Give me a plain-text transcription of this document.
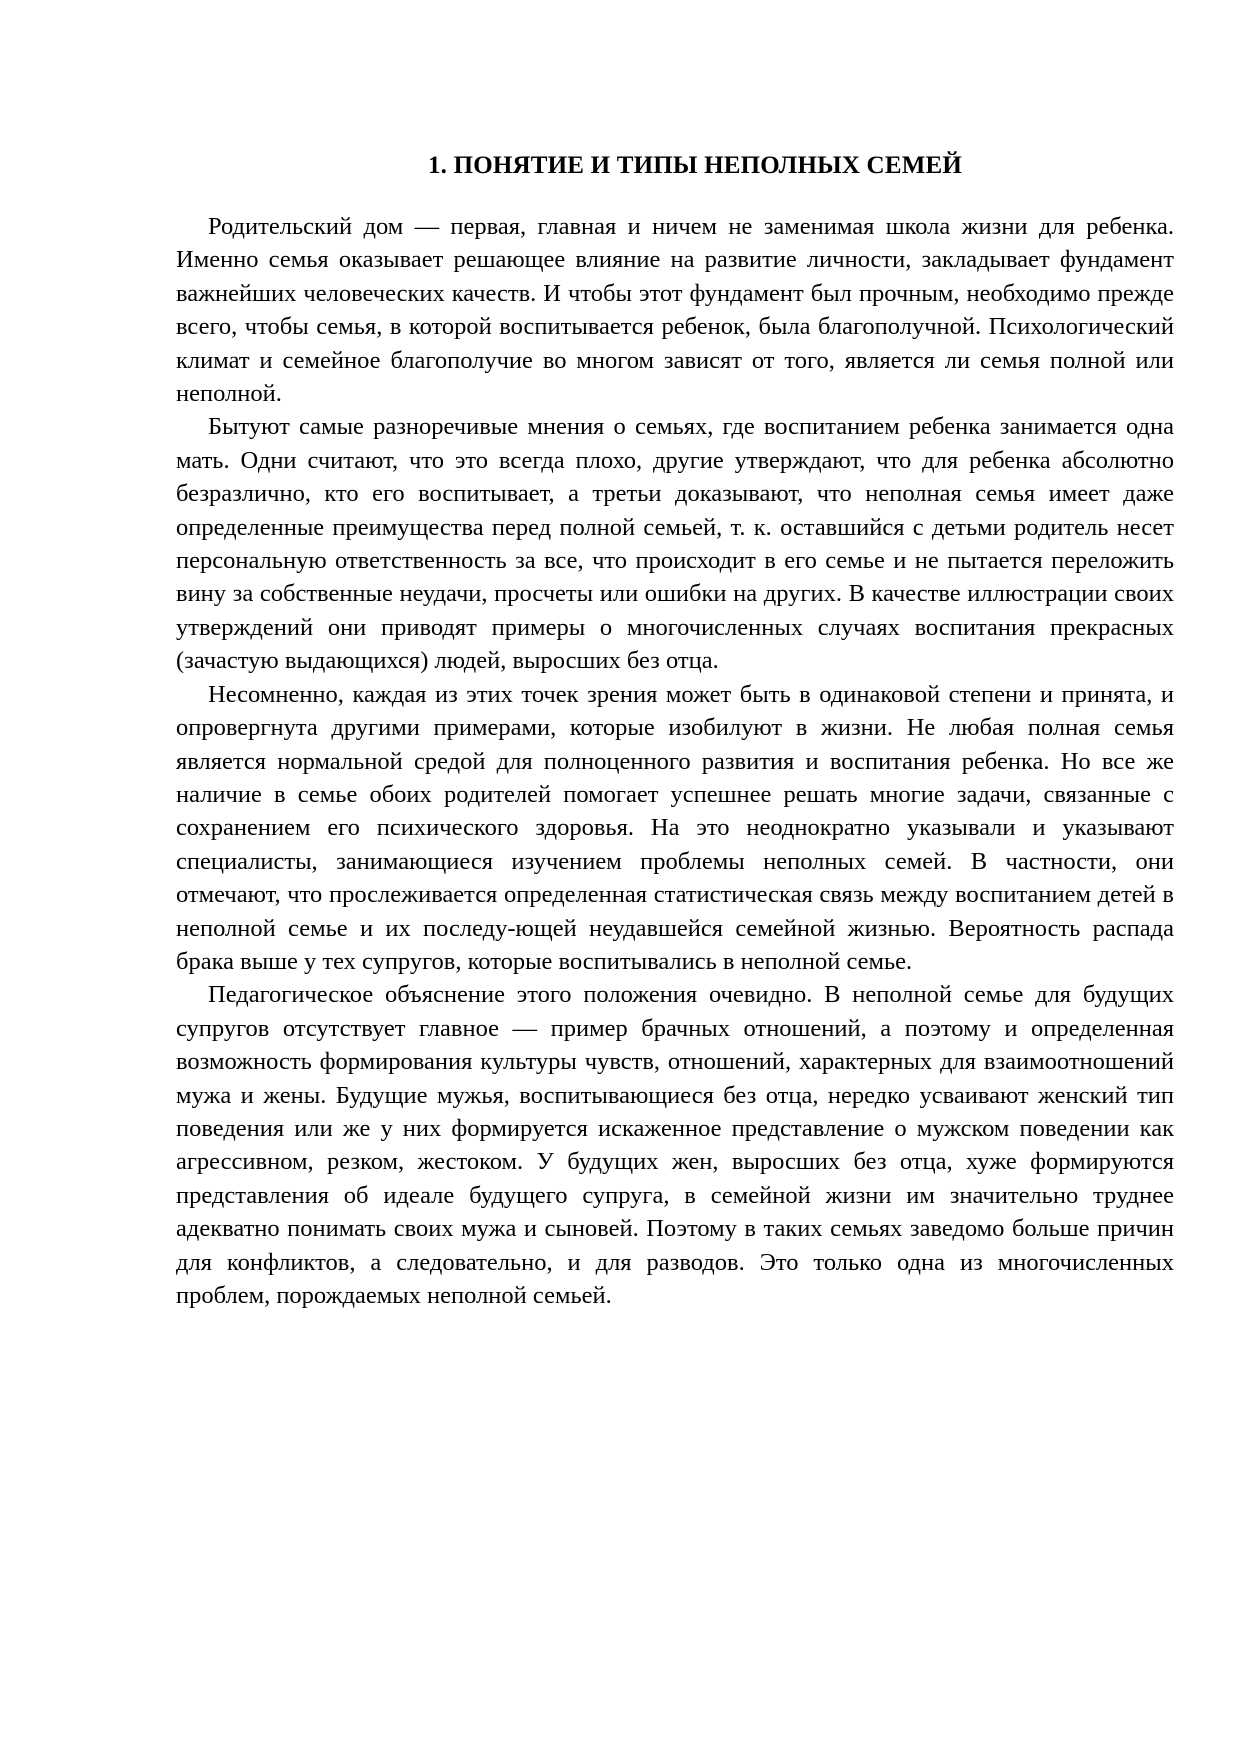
1. ПОНЯТИЕ И ТИПЫ НЕПОЛНЫХ СЕМЕЙ

Родительский дом — первая, главная и ничем не заменимая школа жизни для ребенка. Именно семья оказывает решающее влияние на развитие личности, закладывает фундамент важнейших человеческих качеств. И чтобы этот фундамент был прочным, необходимо прежде всего, чтобы семья, в которой воспитывается ребенок, была благополучной. Психологический климат и семейное благополучие во многом зависят от того, является ли семья полной или неполной.

Бытуют самые разноречивые мнения о семьях, где воспитанием ребенка занимается одна мать. Одни считают, что это всегда плохо, другие утверждают, что для ребенка абсолютно безразлично, кто его воспитывает, а третьи доказывают, что неполная семья имеет даже определенные преимущества перед полной семьей, т. к. оставшийся с детьми родитель несет персональную ответственность за все, что происходит в его семье и не пытается переложить вину за собственные неудачи, просчеты или ошибки на других. В качестве иллюстрации своих утверждений они приводят примеры о многочисленных случаях воспитания прекрасных (зачастую выдающихся) людей, выросших без отца.

Несомненно, каждая из этих точек зрения может быть в одинаковой степени и принята, и опровергнута другими примерами, которые изобилуют в жизни. Не любая полная семья является нормальной средой для полноценного развития и воспитания ребенка. Но все же наличие в семье обоих родителей помогает успешнее решать многие задачи, связанные с сохранением его психического здоровья. На это неоднократно указывали и указывают специалисты, занимающиеся изучением проблемы неполных семей. В частности, они отмечают, что прослеживается определенная статистическая связь между воспитанием детей в неполной семье и их последу-ющей неудавшейся семейной жизнью. Вероятность распада брака выше у тех супругов, которые воспитывались в неполной семье.

Педагогическое объяснение этого положения очевидно. В неполной семье для будущих супругов отсутствует главное — пример брачных отношений, а поэтому и определенная возможность формирования культуры чувств, отношений, характерных для взаимоотношений мужа и жены. Будущие мужья, воспитывающиеся без отца, нередко усваивают женский тип поведения или же у них формируется искаженное представление о мужском поведении как агрессивном, резком, жестоком. У будущих жен, выросших без отца, хуже формируются представления об идеале будущего супруга, в семейной жизни им значительно труднее адекватно понимать своих мужа и сыновей. Поэтому в таких семьях заведомо больше причин для конфликтов, а следовательно, и для разводов. Это только одна из многочисленных проблем, порождаемых неполной семьей.
